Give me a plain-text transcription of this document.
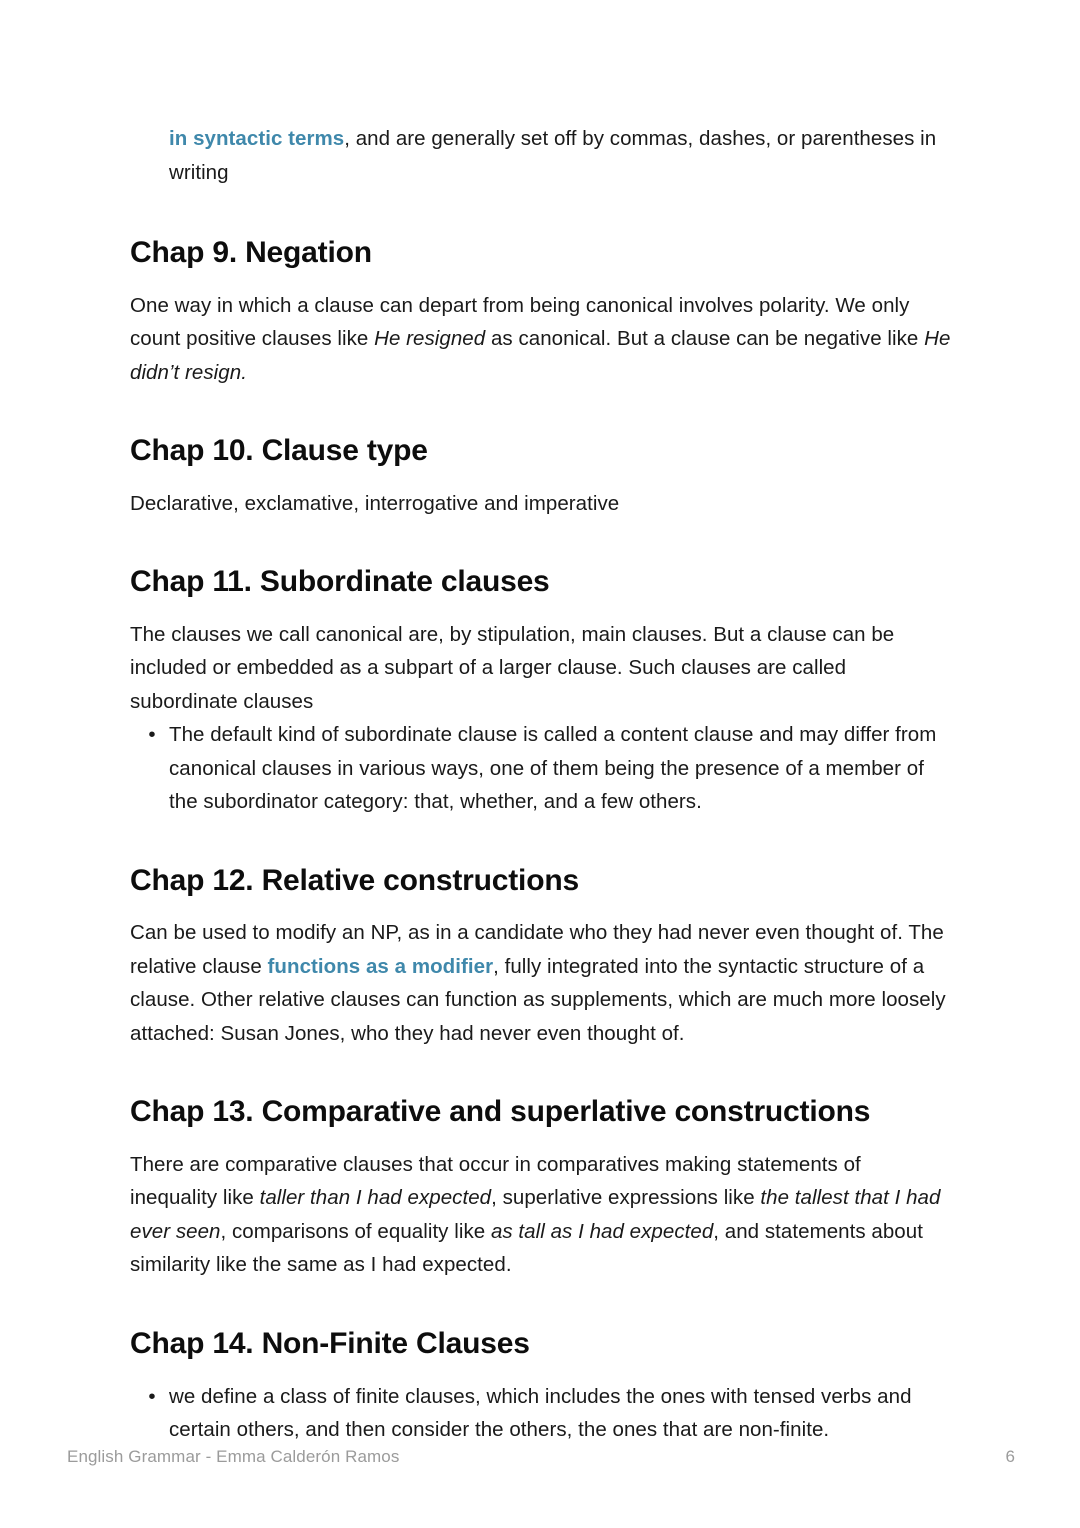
in syntactic terms, and are generally set off by commas, dashes, or parentheses in writing

Chap 9. Negation

One way in which a clause can depart from being canonical involves polarity. We only count positive clauses like He resigned as canonical. But a clause can be negative like He didn’t resign.

Chap 10. Clause type

Declarative, exclamative, interrogative and imperative

Chap 11. Subordinate clauses

The clauses we call canonical are, by stipulation, main clauses. But a clause can be included or embedded as a subpart of a larger clause. Such clauses are called subordinate clauses

• The default kind of subordinate clause is called a content clause and may differ from canonical clauses in various ways, one of them being the presence of a member of the subordinator category: that, whether, and a few others.
Chap 12. Relative constructions

Can be used to modify an NP, as in a candidate who they had never even thought of. The relative clause functions as a modifier, fully integrated into the syntactic structure of a clause. Other relative clauses can function as supplements, which are much more loosely attached: Susan Jones, who they had never even thought of.

Chap 13. Comparative and superlative constructions

There are comparative clauses that occur in comparatives making statements of inequality like taller than I had expected, superlative expressions like the tallest that I had ever seen, comparisons of equality like as tall as I had expected, and statements about similarity like the same as I had expected.

Chap 14. Non-Finite Clauses
• we define a class of finite clauses, which includes the ones with tensed verbs and certain others, and then consider the others, the ones that are non-finite.
English Grammar - Emma Calderón Ramos	6
